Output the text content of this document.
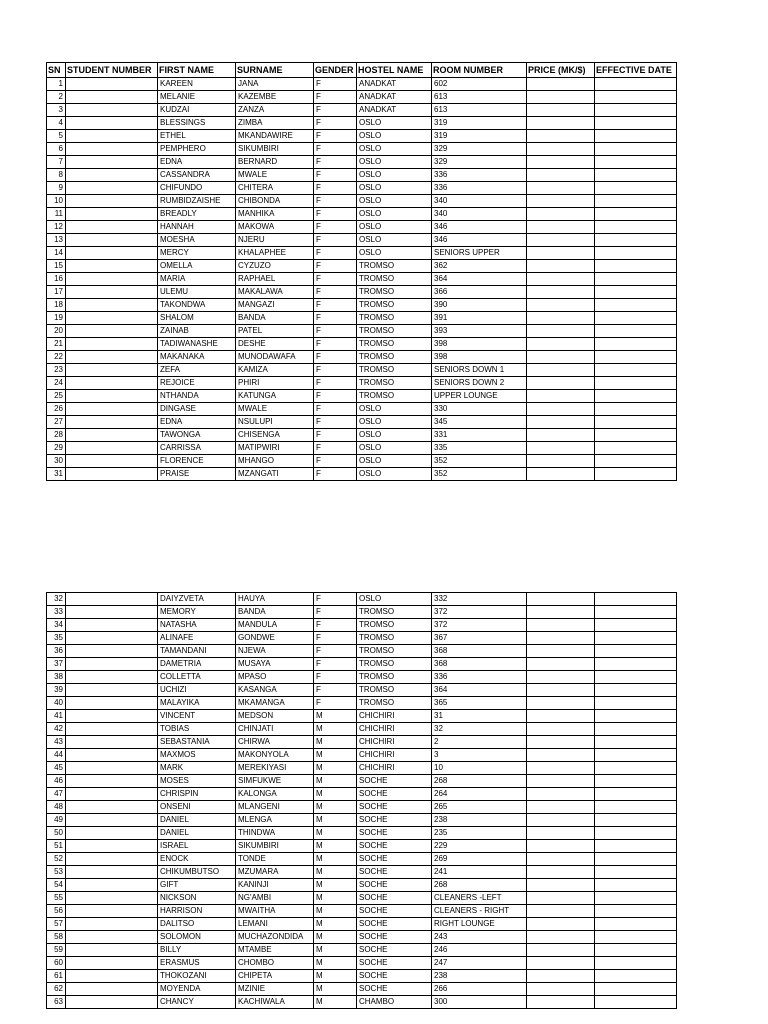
SN	STUDENT NUMBER	FIRST NAME	SURNAME	GENDER	HOSTEL NAME	ROOM NUMBER	PRICE (MK/$)	EFFECTIVE DATE
1		KAREEN	JANA	F	ANADKAT	602		
2		MELANIE	KAZEMBE	F	ANADKAT	613		
3		KUDZAI	ZANZA	F	ANADKAT	613		
4		BLESSINGS	ZIMBA	F	OSLO	319		
5		ETHEL	MKANDAWIRE	F	OSLO	319		
6		PEMPHERO	SIKUMBIRI	F	OSLO	329		
7		EDNA	BERNARD	F	OSLO	329		
8		CASSANDRA	MWALE	F	OSLO	336		
9		CHIFUNDO	CHITERA	F	OSLO	336		
10		RUMBIDZAISHE	CHIBONDA	F	OSLO	340		
11		BREADLY	MANHIKA	F	OSLO	340		
12		HANNAH	MAKOWA	F	OSLO	346		
13		MOESHA	NJERU	F	OSLO	346		
14		MERCY	KHALAPHEE	F	OSLO	SENIORS UPPER		
15		OMELLA	CYZUZO	F	TROMSO	362		
16		MARIA	RAPHAEL	F	TROMSO	364		
17		ULEMU	MAKALAWA	F	TROMSO	366		
18		TAKONDWA	MANGAZI	F	TROMSO	390		
19		SHALOM	BANDA	F	TROMSO	391		
20		ZAINAB	PATEL	F	TROMSO	393		
21		TADIWANASHE	DESHE	F	TROMSO	398		
22		MAKANAKA	MUNODAWAFA	F	TROMSO	398		
23		ZEFA	KAMIZA	F	TROMSO	SENIORS DOWN 1		
24		REJOICE	PHIRI	F	TROMSO	SENIORS DOWN 2		
25		NTHANDA	KATUNGA	F	TROMSO	UPPER LOUNGE		
26		DINGASE	MWALE	F	OSLO	330		
27		EDNA	NSULUPI	F	OSLO	345		
28		TAWONGA	CHISENGA	F	OSLO	331		
29		CARRISSA	MATIPWIRI	F	OSLO	335		
30		FLORENCE	MHANGO	F	OSLO	352		
31		PRAISE	MZANGATI	F	OSLO	352		
32		DAIYZVETA	HAUYA	F	OSLO	332		
33		MEMORY	BANDA	F	TROMSO	372		
34		NATASHA	MANDULA	F	TROMSO	372		
35		ALINAFE	GONDWE	F	TROMSO	367		
36		TAMANDANI	NJEWA	F	TROMSO	368		
37		DAMETRIA	MUSAYA	F	TROMSO	368		
38		COLLETTA	MPASO	F	TROMSO	336		
39		UCHIZI	KASANGA	F	TROMSO	364		
40		MALAYIKA	MKAMANGA	F	TROMSO	365		
41		VINCENT	MEDSON	M	CHICHIRI	31		
42		TOBIAS	CHINJATI	M	CHICHIRI	32		
43		SEBASTANIA	CHIRWA	M	CHICHIRI	2		
44		MAXMOS	MAKONYOLA	M	CHICHIRI	3		
45		MARK	MEREKIYASI	M	CHICHIRI	10		
46		MOSES	SIMFUKWE	M	SOCHE	268		
47		CHRISPIN	KALONGA	M	SOCHE	264		
48		ONSENI	MLANGENI	M	SOCHE	265		
49		DANIEL	MLENGA	M	SOCHE	238		
50		DANIEL	THINDWA	M	SOCHE	235		
51		ISRAEL	SIKUMBIRI	M	SOCHE	229		
52		ENOCK	TONDE	M	SOCHE	269		
53		CHIKUMBUTSO	MZUMARA	M	SOCHE	241		
54		GIFT	KANINJI	M	SOCHE	268		
55		NICKSON	NG'AMBI	M	SOCHE	CLEANERS -LEFT		
56		HARRISON	MWAITHA	M	SOCHE	CLEANERS - RIGHT		
57		DALITSO	LEMANI	M	SOCHE	RIGHT LOUNGE		
58		SOLOMON	MUCHAZONDIDA	M	SOCHE	243		
59		BILLY	MTAMBE	M	SOCHE	246		
60		ERASMUS	CHOMBO	M	SOCHE	247		
61		THOKOZANI	CHIPETA	M	SOCHE	238		
62		MOYENDA	MZINIE	M	SOCHE	266		
63		CHANCY	KACHIWALA	M	CHAMBO	300		
